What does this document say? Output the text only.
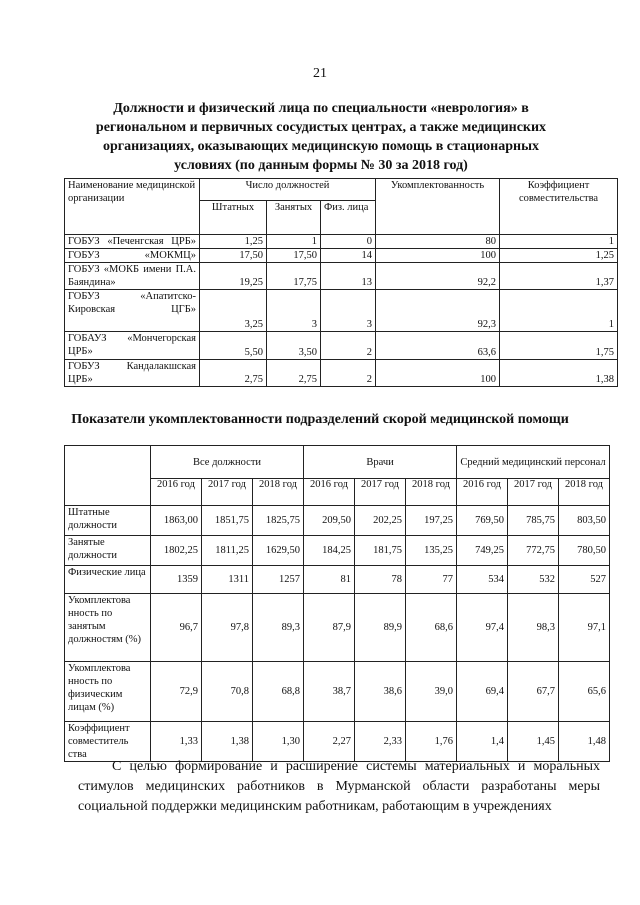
21
Должности и физический лица по специальности «неврология» в региональном и первичных сосудистых центрах, а также медицинских организациях, оказывающих медицинскую помощь в стационарных условиях (по данным формы № 30 за 2018 год)
Наименование медицинской организации	Число должностей			Укомплектованность	Коэффициент совместительства
	Штатных	Занятых	Физ. лица		
ГОБУЗ «Печенгская ЦРБ»	1,25	1	0	80	1
ГОБУЗ «МОКМЦ»	17,50	17,50	14	100	1,25
ГОБУЗ «МОКБ имени П.А. Баяндина»	19,25	17,75	13	92,2	1,37
ГОБУЗ «Апатитско-Кировская ЦГБ»	3,25	3	3	92,3	1
ГОБАУЗ «Мончегорская ЦРБ»	5,50	3,50	2	63,6	1,75
ГОБУЗ Кандалакшская ЦРБ»	2,75	2,75	2	100	1,38
Показатели укомплектованности подразделений скорой медицинской помощи
	Все должности			Врачи			Средний медицинский персонал		
	2016 год	2017 год	2018 год	2016 год	2017 год	2018 год	2016 год	2017 год	2018 год
Штатные должности	1863,00	1851,75	1825,75	209,50	202,25	197,25	769,50	785,75	803,50
Занятые должности	1802,25	1811,25	1629,50	184,25	181,75	135,25	749,25	772,75	780,50
Физические лица	1359	1311	1257	81	78	77	534	532	527
Укомплектова нность по занятым должностям (%)	96,7	97,8	89,3	87,9	89,9	68,6	97,4	98,3	97,1
Укомплектова нность по физическим лицам (%)	72,9	70,8	68,8	38,7	38,6	39,0	69,4	67,7	65,6
Коэффициент совместитель ства	1,33	1,38	1,30	2,27	2,33	1,76	1,4	1,45	1,48
С целью формирование и расширение системы материальных и моральных стимулов медицинских работников в Мурманской области разработаны меры социальной поддержки медицинским работникам, работающим в учреждениях
